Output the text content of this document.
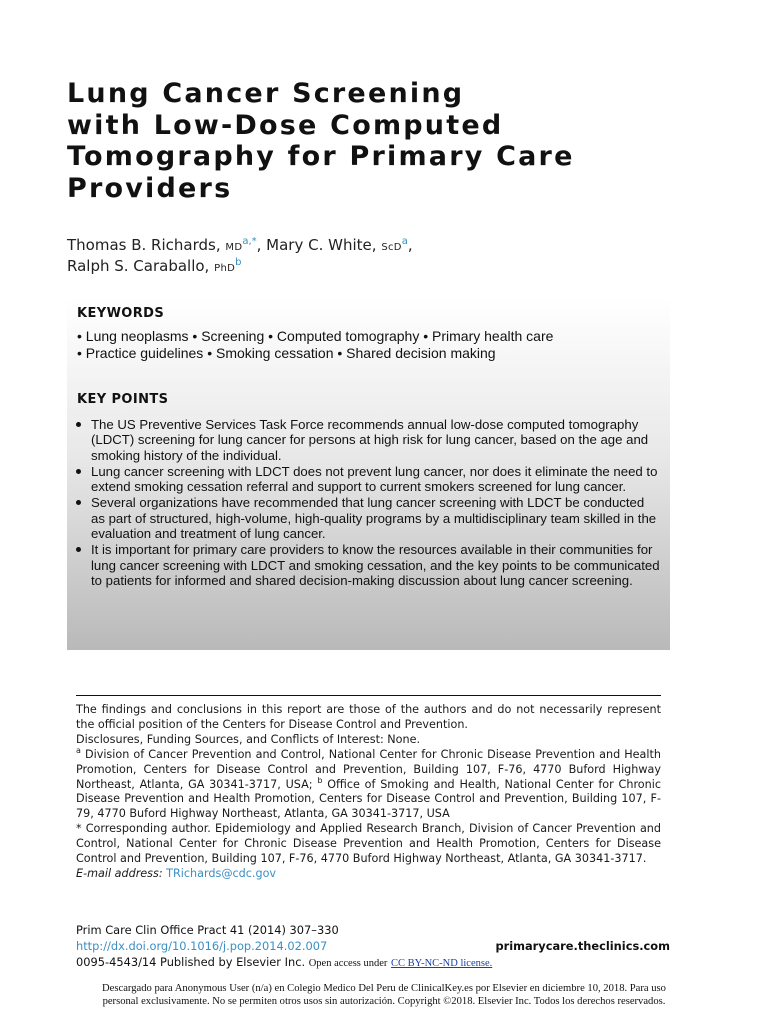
Lung Cancer Screening
with Low-Dose Computed
Tomography for Primary Care
Providers
Thomas B. Richards, $MD^{a,*}$, Mary C. White, ScD$^a$,
Ralph S. Caraballo, PhD$^b$
KEYWORDS
• Lung neoplasms • Screening • Computed tomography • Primary health care
• Practice guidelines • Smoking cessation • Shared decision making
KEY POINTS
The US Preventive Services Task Force recommends annual low-dose computed tomography (LDCT) screening for lung cancer for persons at high risk for lung cancer, based on the age and smoking history of the individual.
Lung cancer screening with LDCT does not prevent lung cancer, nor does it eliminate the need to extend smoking cessation referral and support to current smokers screened for lung cancer.
Several organizations have recommended that lung cancer screening with LDCT be conducted as part of structured, high-volume, high-quality programs by a multidisciplinary team skilled in the evaluation and treatment of lung cancer.
It is important for primary care providers to know the resources available in their communities for lung cancer screening with LDCT and smoking cessation, and the key points to be communicated to patients for informed and shared decision-making discussion about lung cancer screening.

The findings and conclusions in this report are those of the authors and do not necessarily represent the official position of the Centers for Disease Control and Prevention.

Disclosures, Funding Sources, and Conflicts of Interest: None.

$^a$ Division of Cancer Prevention and Control, National Center for Chronic Disease Prevention and Health Promotion, Centers for Disease Control and Prevention, Building 107, F-76, 4770 Buford Highway Northeast, Atlanta, GA 30341-3717, USA; $^b$ Office of Smoking and Health, National Center for Chronic Disease Prevention and Health Promotion, Centers for Disease Control and Prevention, Building 107, F-79, 4770 Buford Highway Northeast, Atlanta, GA 30341-3717, USA

* Corresponding author. Epidemiology and Applied Research Branch, Division of Cancer Prevention and Control, National Center for Chronic Disease Prevention and Health Promotion, Centers for Disease Control and Prevention, Building 107, F-76, 4770 Buford Highway Northeast, Atlanta, GA 30341-3717.

E-mail address: TRichards@cdc.gov

Prim Care Clin Office Pract 41 (2014) 307–330
http://dx.doi.org/10.1016/j.pop.2014.02.007	primarycare.theclinics.com
0095-4543/14 Published by Elsevier Inc. Open access under CC BY-NC-ND license.
Descargado para Anonymous User (n/a) en Colegio Medico Del Peru de ClinicalKey.es por Elsevier en diciembre 10, 2018. Para uso
personal exclusivamente. No se permiten otros usos sin autorización. Copyright ©2018. Elsevier Inc. Todos los derechos reservados.
